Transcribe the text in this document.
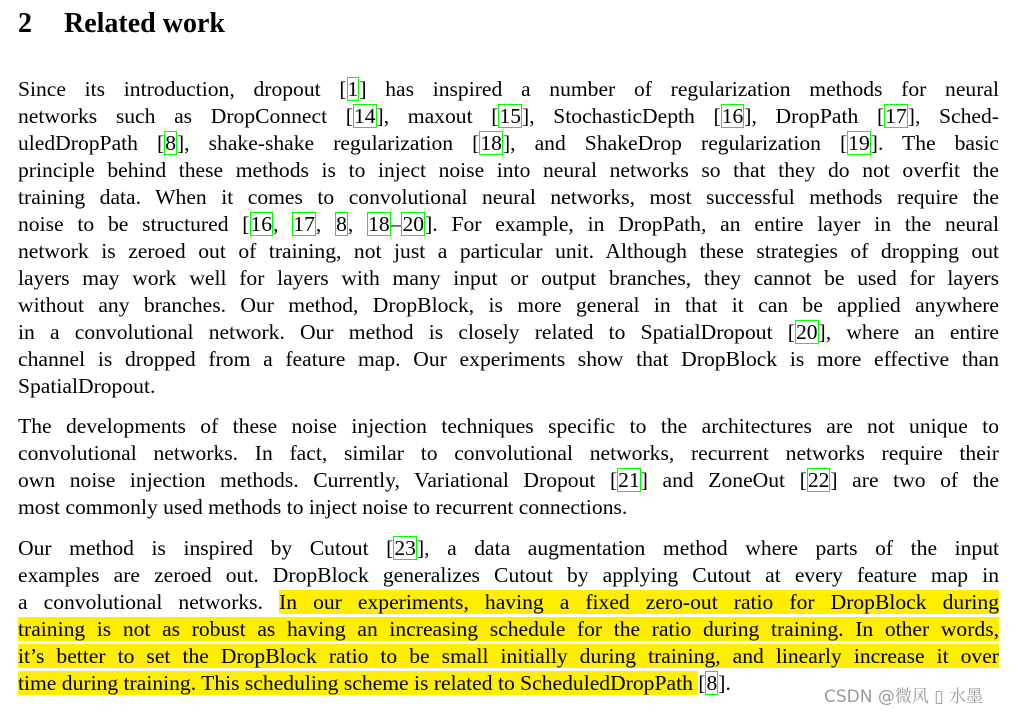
2 Related work
Since its introduction, dropout [1] has inspired a number of regularization methods for neural
networks such as DropConnect [14], maxout [15], StochasticDepth [16], DropPath [17], Sched-
uledDropPath [8], shake-shake regularization [18], and ShakeDrop regularization [19]. The basic
principle behind these methods is to inject noise into neural networks so that they do not overfit the
training data. When it comes to convolutional neural networks, most successful methods require the
noise to be structured [16, 17, 8, 18–20]. For example, in DropPath, an entire layer in the neural
network is zeroed out of training, not just a particular unit. Although these strategies of dropping out
layers may work well for layers with many input or output branches, they cannot be used for layers
without any branches. Our method, DropBlock, is more general in that it can be applied anywhere
in a convolutional network. Our method is closely related to SpatialDropout [20], where an entire
channel is dropped from a feature map. Our experiments show that DropBlock is more effective than
SpatialDropout.
The developments of these noise injection techniques specific to the architectures are not unique to
convolutional networks. In fact, similar to convolutional networks, recurrent networks require their
own noise injection methods. Currently, Variational Dropout [21] and ZoneOut [22] are two of the
most commonly used methods to inject noise to recurrent connections.
Our method is inspired by Cutout [23], a data augmentation method where parts of the input
examples are zeroed out. DropBlock generalizes Cutout by applying Cutout at every feature map in
a convolutional networks. In our experiments, having a fixed zero-out ratio for DropBlock during
training is not as robust as having an increasing schedule for the ratio during training. In other words,
it’s better to set the DropBlock ratio to be small initially during training, and linearly increase it over
time during training. This scheduling scheme is related to ScheduledDropPath [8].
CSDN @微风 ▯ 水墨
